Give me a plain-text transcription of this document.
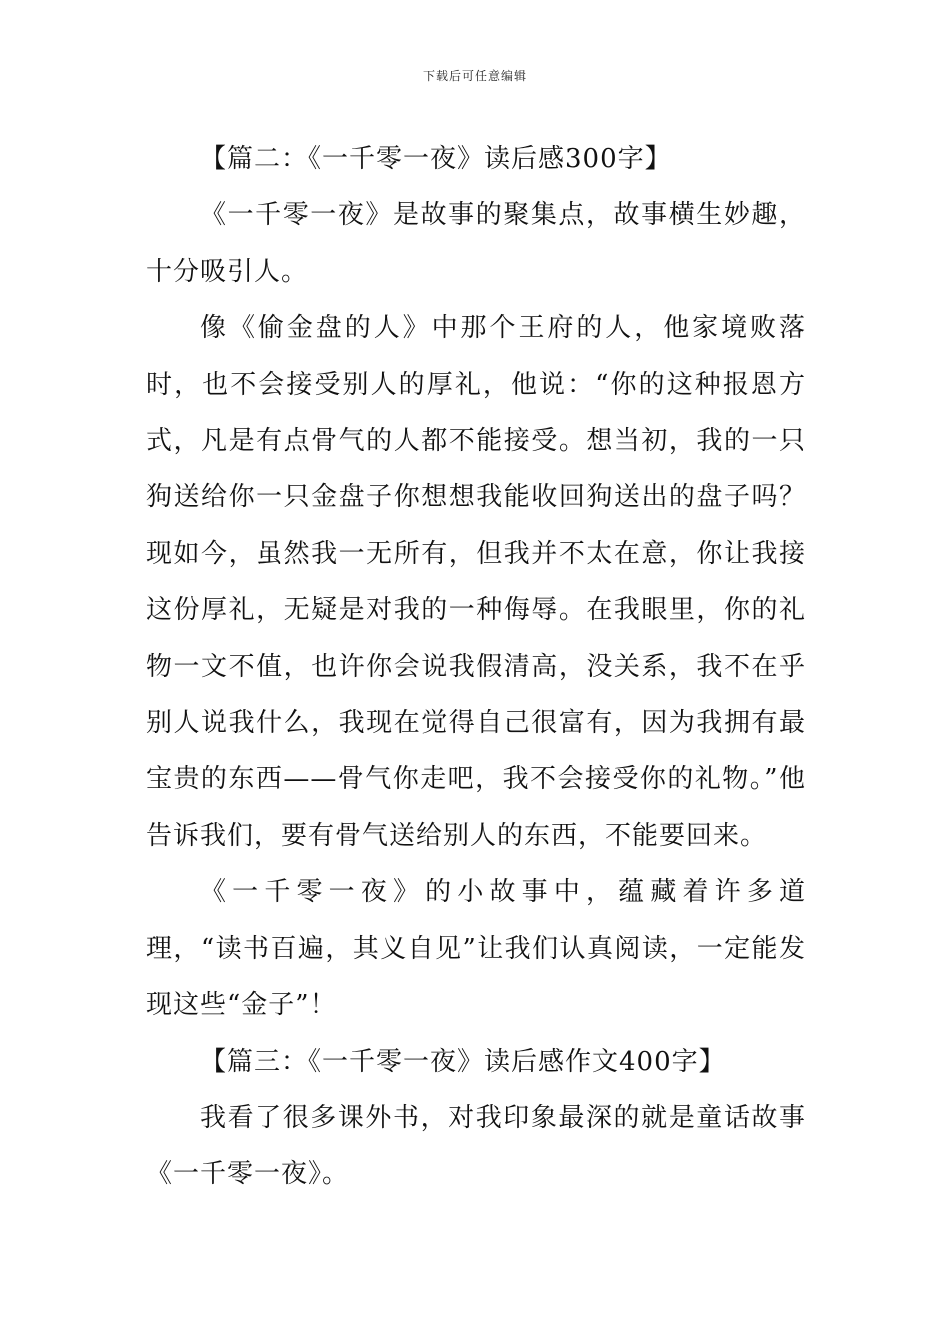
下载后可任意编辑

【篇二：《一千零一夜》读后感300字】

《一千零一夜》是故事的聚集点，故事横生妙趣，十分吸引人。

像《偷金盘的人》中那个王府的人，他家境败落时，也不会接受别人的厚礼，他说：“你的这种报恩方式，凡是有点骨气的人都不能接受。想当初，我的一只狗送给你一只金盘子你想想我能收回狗送出的盘子吗？现如今，虽然我一无所有，但我并不太在意，你让我接这份厚礼，无疑是对我的一种侮辱。在我眼里，你的礼物一文不值，也许你会说我假清高，没关系，我不在乎别人说我什么，我现在觉得自己很富有，因为我拥有最宝贵的东西——骨气你走吧，我不会接受你的礼物。”他告诉我们，要有骨气送给别人的东西，不能要回来。

《一千零一夜》的小故事中，蕴藏着许多道理，“读书百遍，其义自见”让我们认真阅读，一定能发现这些“金子”！

【篇三：《一千零一夜》读后感作文400字】

我看了很多课外书，对我印象最深的就是童话故事《一千零一夜》。
